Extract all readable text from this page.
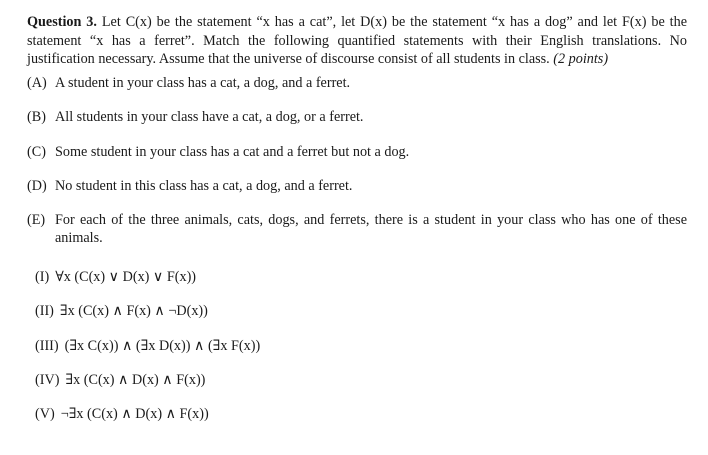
Question 3. Let C(x) be the statement “x has a cat”, let D(x) be the statement “x has a dog” and let F(x) be the statement “x has a ferret”. Match the following quantified statements with their English translations. No justification necessary. Assume that the universe of discourse consist of all students in class. (2 points)
(A) A student in your class has a cat, a dog, and a ferret.
(B) All students in your class have a cat, a dog, or a ferret.
(C) Some student in your class has a cat and a ferret but not a dog.
(D) No student in this class has a cat, a dog, and a ferret.
(E) For each of the three animals, cats, dogs, and ferrets, there is a student in your class who has one of these animals.
(I) ∀x (C(x) ∨ D(x) ∨ F(x))
(II) ∃x (C(x) ∧ F(x) ∧ ¬D(x))
(III) (∃x C(x)) ∧ (∃x D(x)) ∧ (∃x F(x))
(IV) ∃x (C(x) ∧ D(x) ∧ F(x))
(V) ¬∃x (C(x) ∧ D(x) ∧ F(x))
